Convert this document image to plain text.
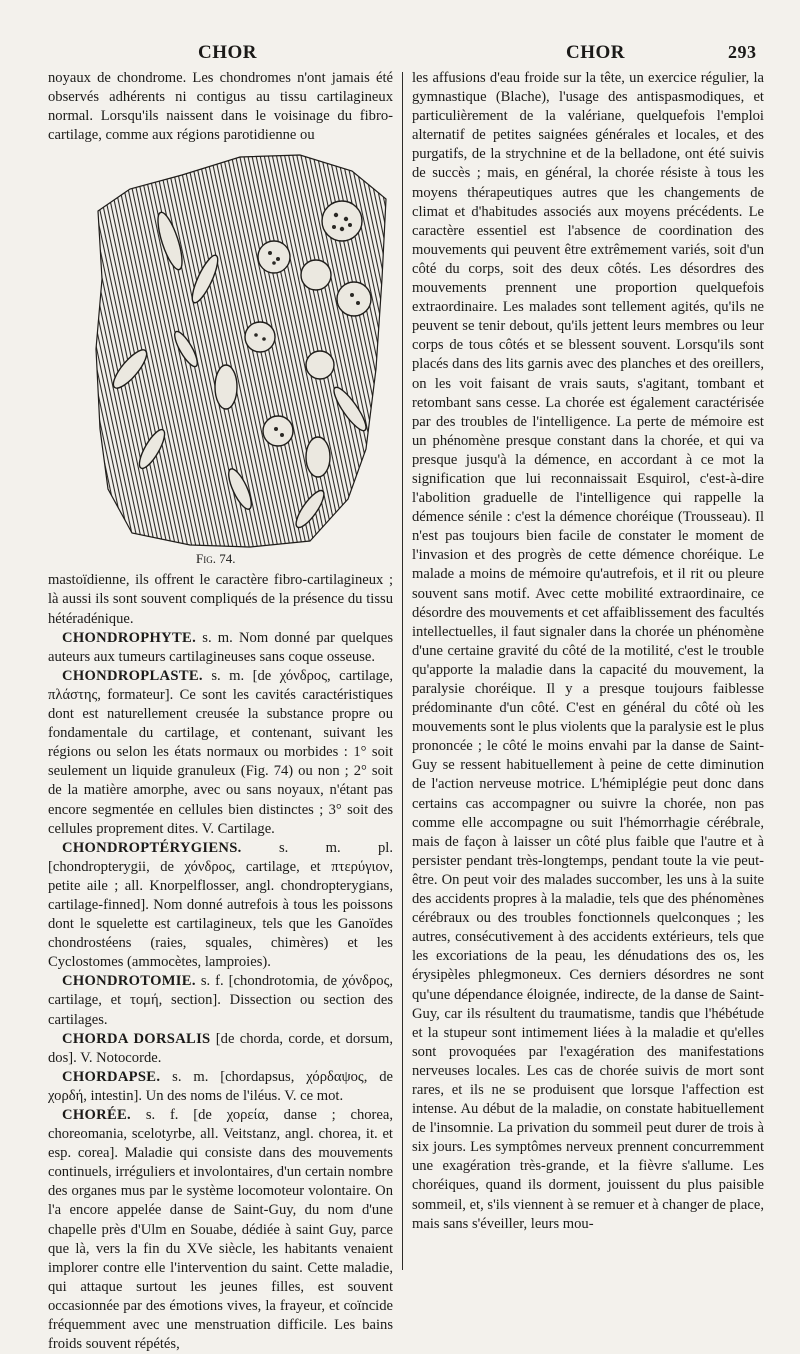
CHOR	CHOR	293

noyaux de chondrome. Les chondromes n'ont jamais été observés adhérents ni contigus au tissu cartilagineux normal. Lorsqu'ils naissent dans le voisinage du fibro-cartilage, comme aux régions parotidienne ou

Fig. 74.

mastoïdienne, ils offrent le caractère fibro-cartilagineux ; là aussi ils sont souvent compliqués de la présence du tissu hétéradénique.

CHONDROPHYTE. s. m. Nom donné par quelques auteurs aux tumeurs cartilagineuses sans coque osseuse.

CHONDROPLASTE. s. m. [de χόνδρος, cartilage, πλάστης, formateur]. Ce sont les cavités caractéristiques dont est naturellement creusée la substance propre ou fondamentale du cartilage, et contenant, suivant les régions ou selon les états normaux ou morbides : 1° soit seulement un liquide granuleux (Fig. 74) ou non ; 2° soit de la matière amorphe, avec ou sans noyaux, n'étant pas encore segmentée en cellules bien distinctes ; 3° soit des cellules proprement dites. V. Cartilage.

CHONDROPTÉRYGIENS.	s. m. pl. [chondropterygii, de χόνδρος, cartilage, et πτερύγιον, petite aile ; all. Knorpelflosser, angl. chondropterygians, cartilage-finned]. Nom donné autrefois à tous les poissons dont le squelette est cartilagineux, tels que les Ganoïdes chondrostéens (raies, squales, chimères) et les Cyclostomes (ammocètes, lamproies).

CHONDROTOMIE. s. f. [chondrotomia, de χόνδρος, cartilage, et τομή, section]. Dissection ou section des cartilages.

CHORDA DORSALIS [de chorda, corde, et dorsum, dos]. V. Notocorde.

CHORDAPSE. s. m. [chordapsus, χόρδαψος, de χορδή, intestin]. Un des noms de l'iléus. V. ce mot.

CHORÉE. s. f. [de χορεία, danse ; chorea, choreomania, scelotyrbe, all. Veitstanz, angl. chorea, it. et esp. corea]. Maladie qui consiste dans des mouvements continuels, irréguliers et involontaires, d'un certain nombre des organes mus par le système locomoteur volontaire. On l'a encore appelée danse de Saint-Guy, du nom d'une chapelle près d'Ulm en Souabe, dédiée à saint Guy, parce que là, vers la fin du XVe siècle, les habitants venaient implorer contre elle l'intervention du saint. Cette maladie, qui attaque surtout les jeunes filles, est souvent occasionnée par des émotions vives, la frayeur, et coïncide fréquemment avec une menstruation difficile. Les bains froids souvent répétés,

les affusions d'eau froide sur la tête, un exercice régulier, la gymnastique (Blache), l'usage des antispasmodiques, et particulièrement de la valériane, quelquefois l'emploi alternatif de petites saignées générales et locales, et des purgatifs, de la strychnine et de la belladone, ont été suivis de succès ; mais, en général, la chorée résiste à tous les moyens thérapeutiques autres que les changements de climat et d'habitudes associés aux moyens précédents. Le caractère essentiel est l'absence de coordination des mouvements qui peuvent être extrêmement variés, soit d'un côté du corps, soit des deux côtés. Les désordres des mouvements prennent une proportion quelquefois extraordinaire. Les malades sont tellement agités, qu'ils ne peuvent se tenir debout, qu'ils jettent leurs membres ou leur corps de tous côtés et se blessent souvent. Lorsqu'ils sont placés dans des lits garnis avec des planches et des oreillers, on les voit faisant de vrais sauts, s'agitant, tombant et retombant sans cesse. La chorée est également caractérisée par des troubles de l'intelligence. La perte de mémoire est un phénomène presque constant dans la chorée, et qui va presque jusqu'à la démence, en accordant à ce mot la signification que lui reconnaissait Esquirol, c'est-à-dire l'abolition graduelle de l'intelligence qui rappelle la démence sénile : c'est la démence choréique (Trousseau). Il n'est pas toujours bien facile de constater le moment de l'invasion et des progrès de cette démence choréique. Le malade a moins de mémoire qu'autrefois, et il rit ou pleure souvent sans motif. Avec cette mobilité extraordinaire, ce désordre des mouvements et cet affaiblissement des facultés intellectuelles, il faut signaler dans la chorée un phénomène d'une certaine gravité du côté de la motilité, c'est le trouble qu'apporte la maladie dans la capacité du mouvement, la paralysie choréique. Il y a presque toujours faiblesse prédominante d'un côté. C'est en général du côté où les mouvements sont le plus violents que la paralysie est le plus prononcée ; le côté le moins envahi par la danse de Saint-Guy se ressent habituellement à peine de cette diminution de l'action nerveuse motrice. L'hémiplégie peut donc dans certains cas accompagner ou suivre la chorée, non pas comme elle accompagne ou suit l'hémorrhagie cérébrale, mais de façon à laisser un côté plus faible que l'autre et à persister pendant très-longtemps, pendant toute la vie peut-être. On peut voir des malades succomber, les uns à la suite des accidents propres à la maladie, tels que des phénomènes cérébraux ou des troubles fonctionnels quelconques ; les autres, consécutivement à des accidents extérieurs, tels que les excoriations de la peau, les dénudations des os, les érysipèles phlegmoneux. Ces derniers désordres ne sont qu'une dépendance éloignée, indirecte, de la danse de Saint-Guy, car ils résultent du traumatisme, tandis que l'hébétude et la stupeur sont intimement liées à la maladie et qu'elles sont provoquées par l'exagération des manifestations nerveuses locales. Les cas de chorée suivis de mort sont rares, et ils ne se produisent que lorsque l'affection est intense. Au début de la maladie, on constate habituellement de l'insomnie. La privation du sommeil peut durer de trois à six jours. Les symptômes nerveux prennent concurremment une exagération très-grande, et la fièvre s'allume. Les choréiques, quand ils dorment, jouissent du plus paisible sommeil, et, s'ils viennent à se remuer et à changer de place, mais sans s'éveiller, leurs mou-
